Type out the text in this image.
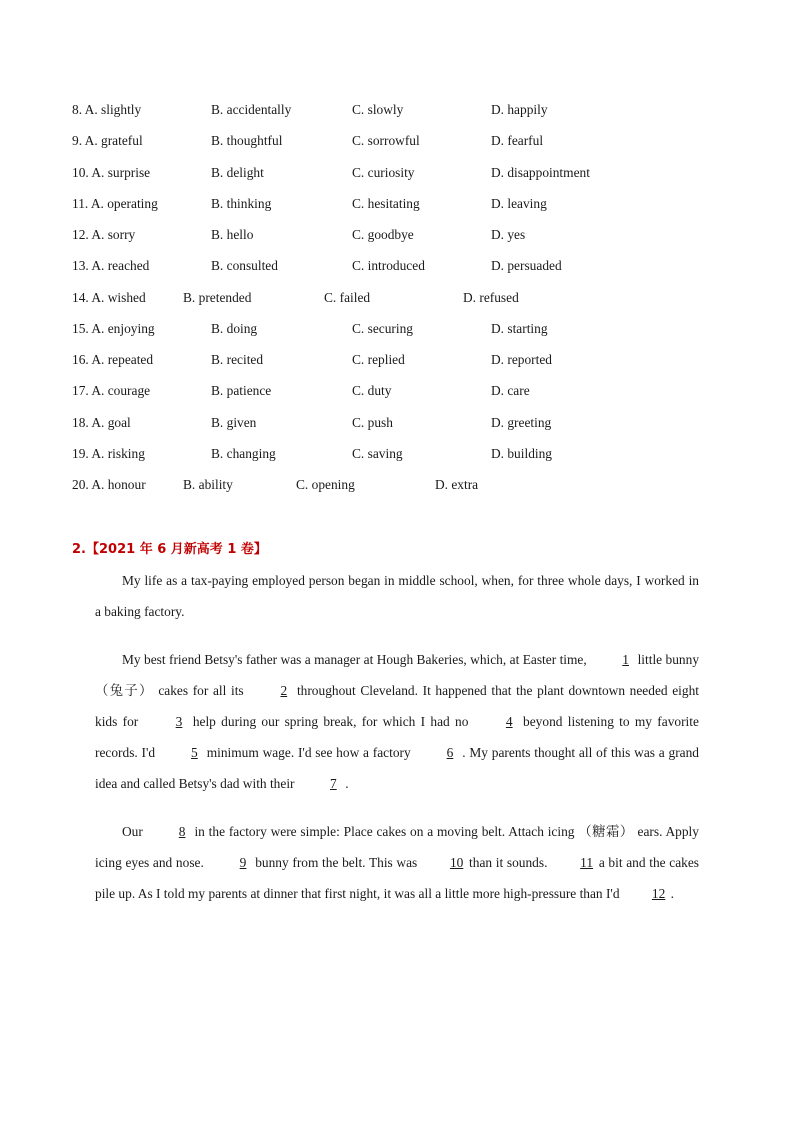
8. A. slightly	B. accidentally	C. slowly	D. happily
9. A. grateful	B. thoughtful	C. sorrowful	D. fearful
10. A. surprise	B. delight	C. curiosity	D. disappointment
11. A. operating	B. thinking	C. hesitating	D. leaving
12. A. sorry	B. hello	C. goodbye	D. yes
13. A. reached	B. consulted	C. introduced	D. persuaded
14. A. wished	B. pretended	C. failed	D. refused
15. A. enjoying	B. doing	C. securing	D. starting
16. A. repeated	B. recited	C. replied	D. reported
17. A. courage	B. patience	C. duty	D. care
18. A. goal	B. given	C. push	D. greeting
19. A. risking	B. changing	C. saving	D. building
20. A. honour	B. ability	C. opening	D. extra
2.【2021 年 6 月新高考 1 卷】

My life as a tax-paying employed person began in middle school, when, for three whole days, I worked in a baking factory.

My best friend Betsy's father was a manager at Hough Bakeries, which, at Easter time,	1 little bunny（兔子） cakes for all its	2 throughout Cleveland. It happened that the plant downtown needed eight kids for	3 help during our spring break, for which I had no	4 beyond listening to my favorite records. I'd	5 minimum wage. I'd see how a factory	6 . My parents thought all of this was a grand idea and called Betsy's dad with their	7 .

Our	8 in the factory were simple: Place cakes on a moving belt. Attach icing （糖霜） ears. Apply icing eyes and nose.	9 bunny from the belt. This was 10 than it sounds. 11 a bit and the cakes pile up. As I told my parents at dinner that first night, it was all a little more high-pressure than I'd 12 .
